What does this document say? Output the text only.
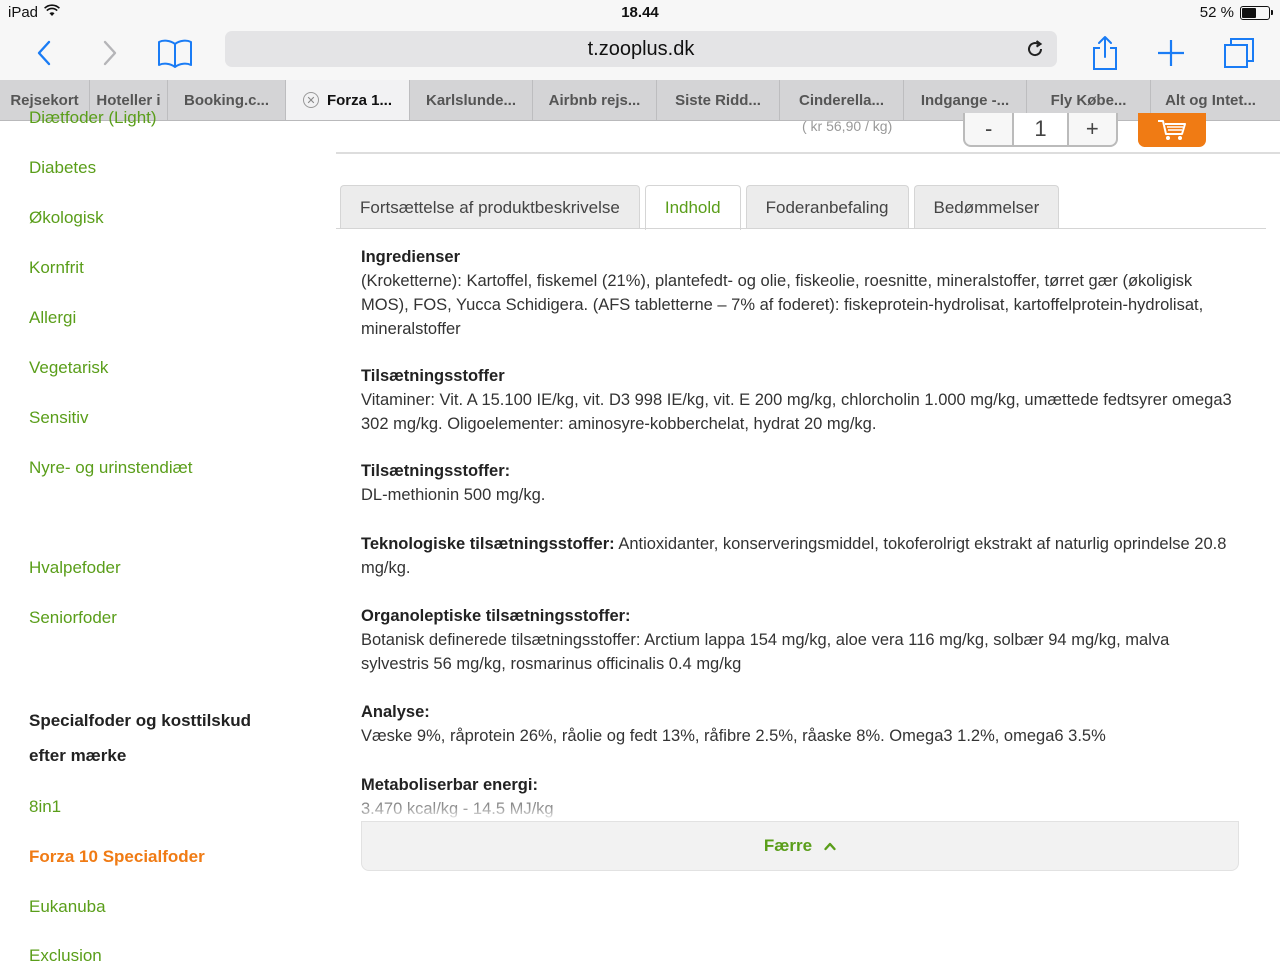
iPad	18.44	52 %
t.zooplus.dk
Rejsekort Hoteller i Booking.c...	✕ Forza 1... Karlslunde... Airbnb rejs... Siste Ridd...	Cinderella... Indgange -...	Fly Købe...	Alt og Intet...
Diætfoder (Light)
Diabetes
Økologisk
Kornfrit
Allergi
Vegetarisk
Sensitiv
Nyre- og urinstendiæt
Hvalpefoder
Seniorfoder
Specialfoder og kosttilskud efter mærke
8in1
Forza 10 Specialfoder
Eukanuba
Exclusion
( kr 56,90 / kg)	-	1	+
Fortsættelse af produktbeskrivelse	Indhold	Foderanbefaling	Bedømmelser
Ingredienser
(Kroketterne): Kartoffel, fiskemel (21%), plantefedt- og olie, fiskeolie, roesnitte, mineralstoffer, tørret gær (økoligisk MOS), FOS, Yucca Schidigera. (AFS tabletterne – 7% af foderet): fiskeprotein-hydrolisat, kartoffelprotein-hydrolisat, mineralstoffer
Tilsætningsstoffer
Vitaminer: Vit. A 15.100 IE/kg, vit. D3 998 IE/kg, vit. E 200 mg/kg, chlorcholin 1.000 mg/kg, umættede fedtsyrer omega3 302 mg/kg. Oligoelementer: aminosyre-kobberchelat, hydrat 20 mg/kg.
Tilsætningsstoffer:
DL-methionin 500 mg/kg.
Teknologiske tilsætningsstoffer: Antioxidanter, konserveringsmiddel, tokoferolrigt ekstrakt af naturlig oprindelse 20.8 mg/kg.
Organoleptiske tilsætningsstoffer:
Botanisk definerede tilsætningsstoffer: Arctium lappa 154 mg/kg, aloe vera 116 mg/kg, solbær 94 mg/kg, malva sylvestris 56 mg/kg, rosmarinus officinalis 0.4 mg/kg
Analyse:
Væske 9%, råprotein 26%, råolie og fedt 13%, råfibre 2.5%, råaske 8%. Omega3 1.2%, omega6 3.5%
Metaboliserbar energi:
3.470 kcal/kg - 14.5 MJ/kg
Færre
